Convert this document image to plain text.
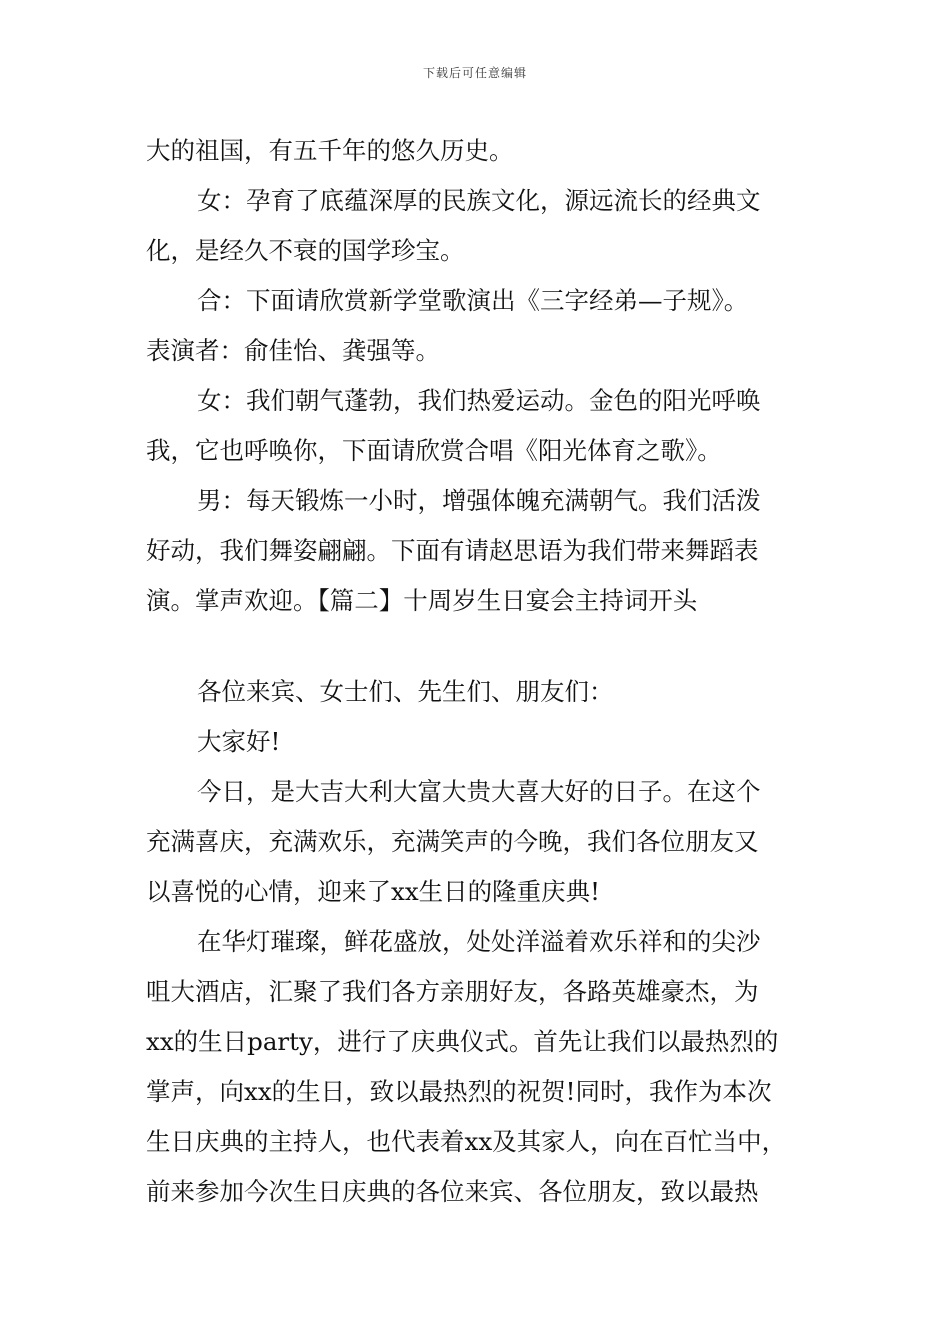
下载后可任意编辑
大的祖国，有五千年的悠久历史。
女：孕育了底蕴深厚的民族文化，源远流长的经典文
化，是经久不衰的国学珍宝。
合：下面请欣赏新学堂歌演出《三字经弟—子规》。
表演者：俞佳怡、龚强等。
女：我们朝气蓬勃，我们热爱运动。金色的阳光呼唤
我，它也呼唤你，下面请欣赏合唱《阳光体育之歌》。
男：每天锻炼一小时，增强体魄充满朝气。我们活泼
好动，我们舞姿翩翩。下面有请赵思语为我们带来舞蹈表
演。掌声欢迎。【篇二】十周岁生日宴会主持词开头
各位来宾、女士们、先生们、朋友们：
大家好!
今日，是大吉大利大富大贵大喜大好的日子。在这个
充满喜庆，充满欢乐，充满笑声的今晚，我们各位朋友又
以喜悦的心情，迎来了xx生日的隆重庆典!
在华灯璀璨，鲜花盛放，处处洋溢着欢乐祥和的尖沙
咀大酒店，汇聚了我们各方亲朋好友，各路英雄豪杰，为
xx的生日party，进行了庆典仪式。首先让我们以最热烈的
掌声，向xx的生日，致以最热烈的祝贺!同时，我作为本次
生日庆典的主持人，也代表着xx及其家人，向在百忙当中，
前来参加今次生日庆典的各位来宾、各位朋友，致以最热
